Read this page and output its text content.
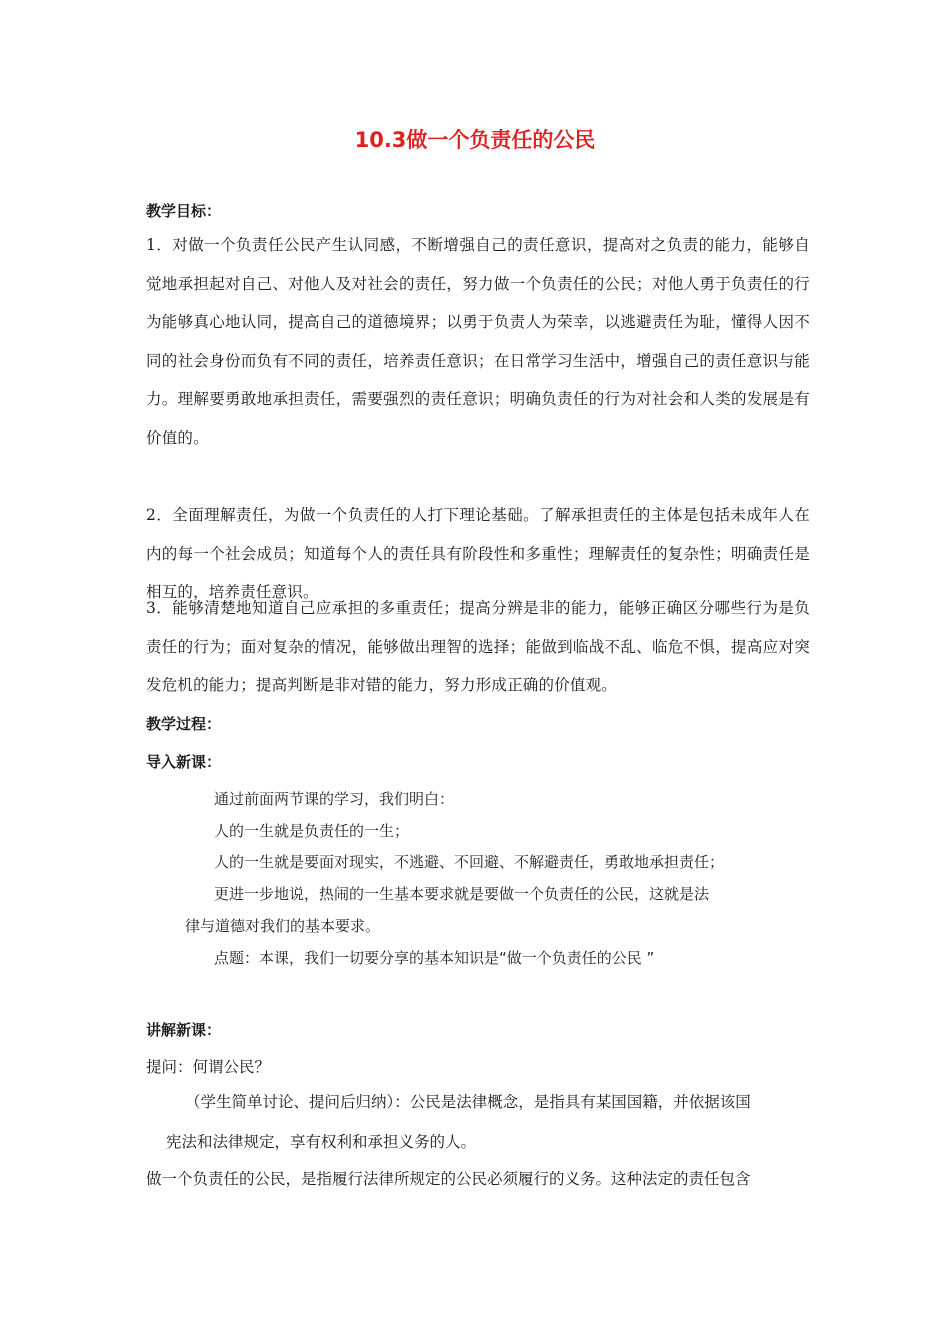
10.3做一个负责任的公民
教学目标：
1．对做一个负责任公民产生认同感，不断增强自己的责任意识，提高对之负责的能力，能够自觉地承担起对自己、对他人及对社会的责任，努力做一个负责任的公民；对他人勇于负责任的行为能够真心地认同，提高自己的道德境界；以勇于负责人为荣幸，以逃避责任为耻，懂得人因不同的社会身份而负有不同的责任，培养责任意识；在日常学习生活中，增强自己的责任意识与能力。理解要勇敢地承担责任，需要强烈的责任意识；明确负责任的行为对社会和人类的发展是有价值的。
2．全面理解责任，为做一个负责任的人打下理论基础。了解承担责任的主体是包括未成年人在内的每一个社会成员；知道每个人的责任具有阶段性和多重性；理解责任的复杂性；明确责任是相互的，培养责任意识。
3．能够清楚地知道自己应承担的多重责任；提高分辨是非的能力，能够正确区分哪些行为是负责任的行为；面对复杂的情况，能够做出理智的选择；能做到临战不乱、临危不惧，提高应对突发危机的能力；提高判断是非对错的能力，努力形成正确的价值观。
教学过程：
导入新课：
通过前面两节课的学习，我们明白：
人的一生就是负责任的一生；
人的一生就是要面对现实，不逃避、不回避、不解避责任，勇敢地承担责任；
更进一步地说，热闹的一生基本要求就是要做一个负责任的公民，这就是法
律与道德对我们的基本要求。
点题：本课，我们一切要分享的基本知识是“做一个负责任的公民 ”
讲解新课：
提问：何谓公民？
（学生简单讨论、提问后归纳）：公民是法律概念，是指具有某国国籍，并依据该国
宪法和法律规定，享有权利和承担义务的人。
做一个负责任的公民，是指履行法律所规定的公民必须履行的义务。这种法定的责任包含
